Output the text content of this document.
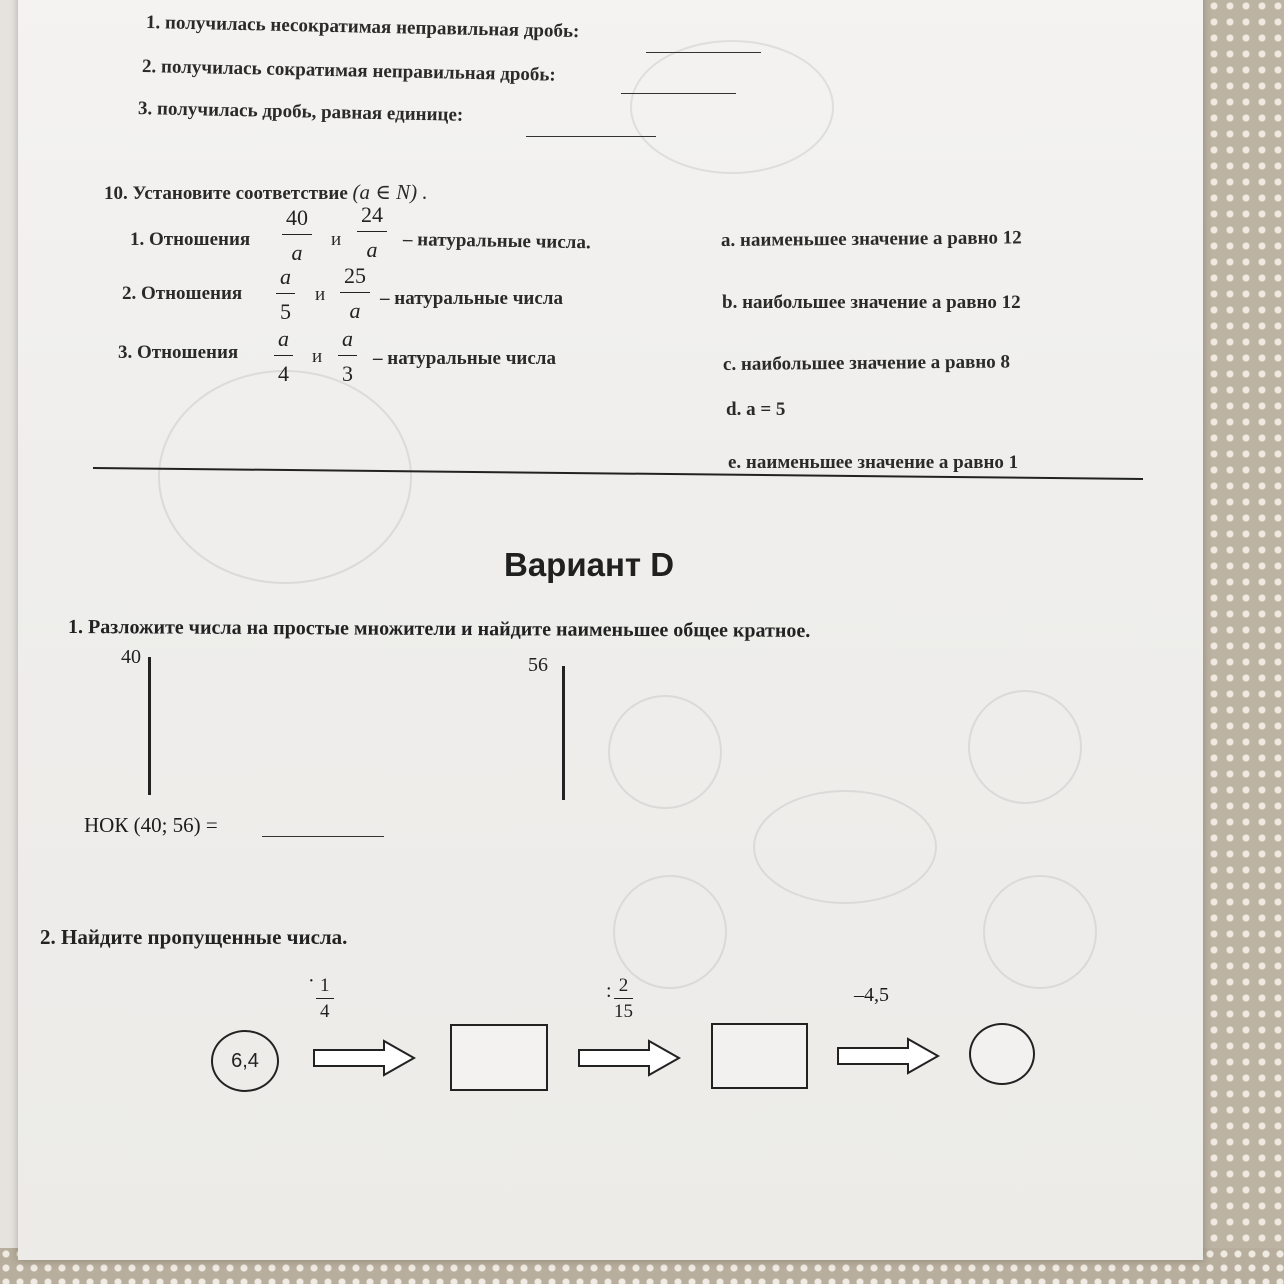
1. получилась несократимая неправильная дробь:
2. получилась сократимая неправильная дробь:
3. получилась дробь, равная единице:
10. Установите соответствие (a ∈ N) .
1. Отношения
40
a
и
24
a – натуральные числа.
2. Отношения
a
5
и
25
a – натуральные числа
3. Отношения
a
4
и
a
3
– натуральные числа
a. наименьшее значение a равно 12
b. наибольшее значение a равно 12
c. наибольшее значение a равно 8
d. a = 5
e. наименьшее значение a равно 1
Вариант D
1. Разложите числа на простые множители и найдите наименьшее общее кратное.
40	56
НОК (40; 56) =
2. Найдите пропущенные числа.
· 1
4
: 2
15
–4,5
6,4
